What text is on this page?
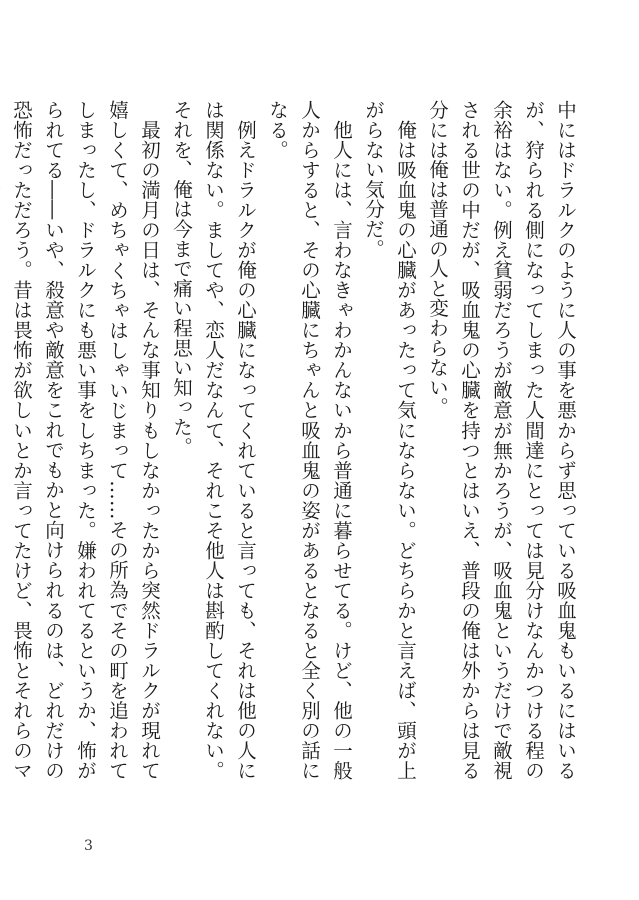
中にはドラルクのように人の事を悪からず思っている吸血鬼もいるにはいるが、狩られる側になってしまった人間達にとっては見分けなんかつける程の余裕はない。例え貧弱だろうが敵意が無かろうが、吸血鬼というだけで敵視される世の中だが、吸血鬼の心臓を持つとはいえ、普段の俺は外からは見る分には俺は普通の人と変わらない。

　俺は吸血鬼の心臓があったって気にならない。どちらかと言えば、頭が上がらない気分だ。

　他人には、言わなきゃわかんないから普通に暮らせてる。けど、他の一般人からすると、その心臓にちゃんと吸血鬼の姿があるとなると全く別の話になる。

　例えドラルクが俺の心臓になってくれていると言っても、それは他の人には関係ない。ましてや、恋人だなんて、それこそ他人は斟酌してくれない。それを、俺は今まで痛い程思い知った。

　最初の満月の日は、そんな事知りもしなかったから突然ドラルクが現れて嬉しくて、めちゃくちゃはしゃいじまって……その所為でその町を追われてしまったし、ドラルクにも悪い事をしちまった。嫌われてるというか、怖がられてる――いや、殺意や敵意をこれでもかと向けられるのは、どれだけの恐怖だっただろう。昔は畏怖が欲しいとか言ってたけど、畏怖とそれらのマ

3
